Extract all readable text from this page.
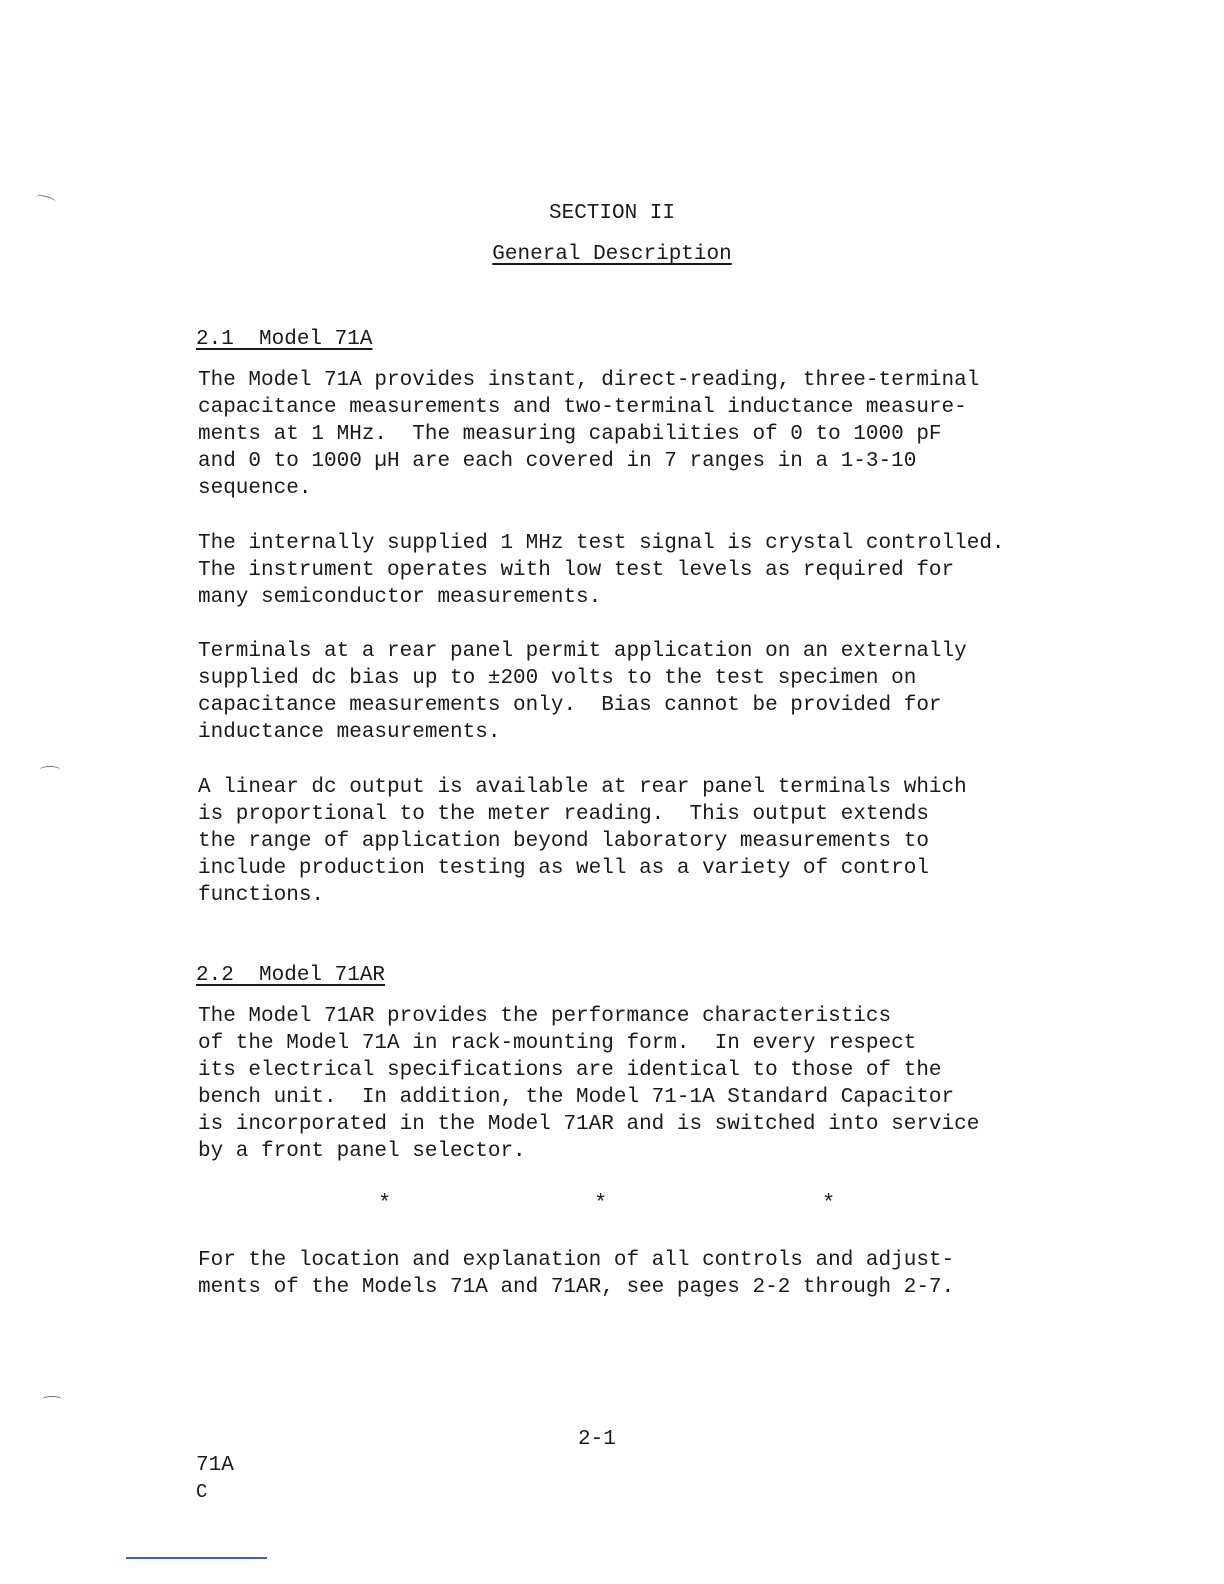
SECTION II
General Description
2.1  Model 71A

The Model 71A provides instant, direct-reading, three-terminal
capacitance measurements and two-terminal inductance measure-
ments at 1 MHz.  The measuring capabilities of 0 to 1000 pF
and 0 to 1000 µH are each covered in 7 ranges in a 1-3-10
sequence.

The internally supplied 1 MHz test signal is crystal controlled.
The instrument operates with low test levels as required for
many semiconductor measurements.

Terminals at a rear panel permit application on an externally
supplied dc bias up to ±200 volts to the test specimen on
capacitance measurements only.  Bias cannot be provided for
inductance measurements.

A linear dc output is available at rear panel terminals which
is proportional to the meter reading.  This output extends
the range of application beyond laboratory measurements to
include production testing as well as a variety of control
functions.

2.2  Model 71AR

The Model 71AR provides the performance characteristics
of the Model 71A in rack-mounting form.  In every respect
its electrical specifications are identical to those of the
bench unit.  In addition, the Model 71-1A Standard Capacitor
is incorporated in the Model 71AR and is switched into service
by a front panel selector.

*	*	*

For the location and explanation of all controls and adjust-
ments of the Models 71A and 71AR, see pages 2-2 through 2-7.

2-1
71A
C
